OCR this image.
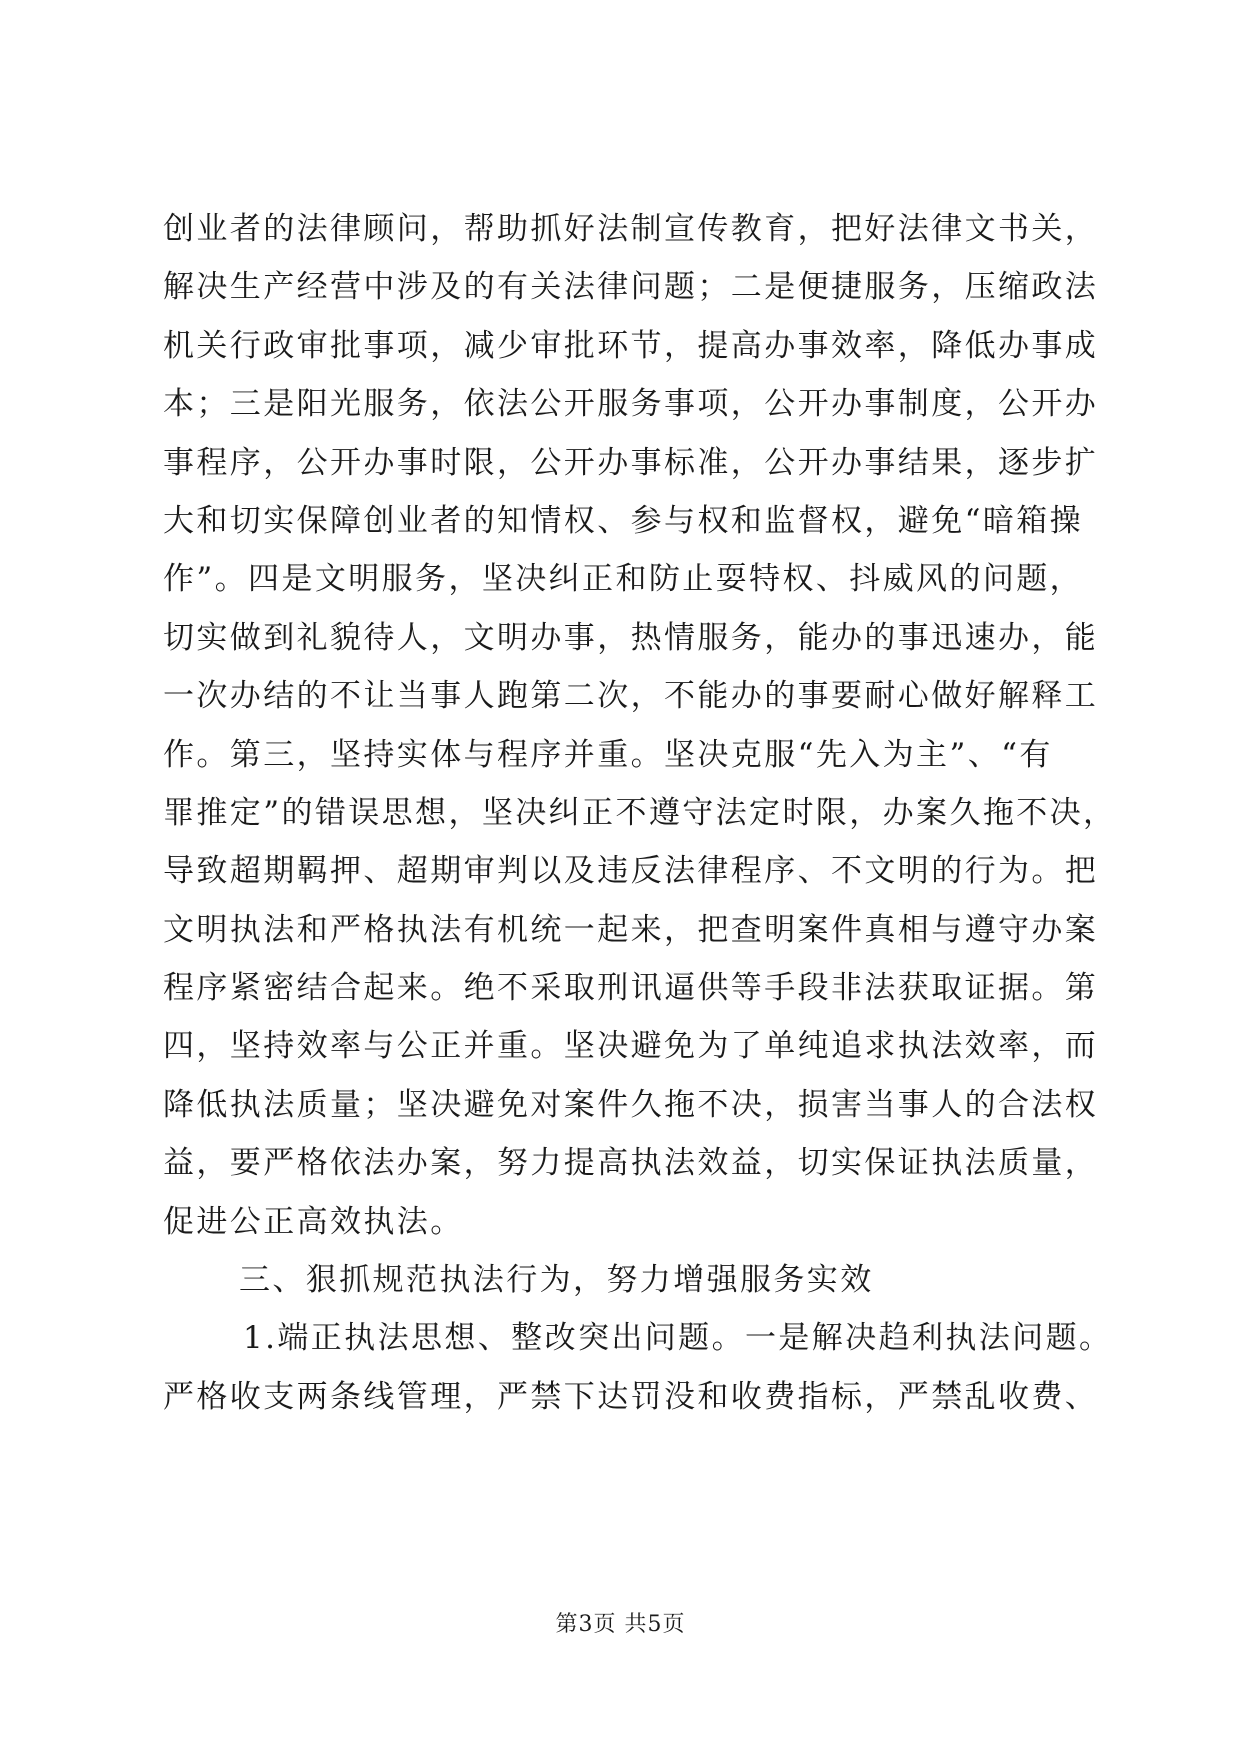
创业者的法律顾问，帮助抓好法制宣传教育，把好法律文书关，
解决生产经营中涉及的有关法律问题；二是便捷服务，压缩政法
机关行政审批事项，减少审批环节，提高办事效率，降低办事成
本；三是阳光服务，依法公开服务事项，公开办事制度，公开办
事程序，公开办事时限，公开办事标准，公开办事结果，逐步扩
大和切实保障创业者的知情权、参与权和监督权，避免“暗箱操
作”。四是文明服务，坚决纠正和防止耍特权、抖威风的问题，
切实做到礼貌待人，文明办事，热情服务，能办的事迅速办，能
一次办结的不让当事人跑第二次，不能办的事要耐心做好解释工
作。第三，坚持实体与程序并重。坚决克服“先入为主”、“有
罪推定”的错误思想，坚决纠正不遵守法定时限，办案久拖不决，
导致超期羁押、超期审判以及违反法律程序、不文明的行为。把
文明执法和严格执法有机统一起来，把查明案件真相与遵守办案
程序紧密结合起来。绝不采取刑讯逼供等手段非法获取证据。第
四，坚持效率与公正并重。坚决避免为了单纯追求执法效率，而
降低执法质量；坚决避免对案件久拖不决，损害当事人的合法权
益，要严格依法办案，努力提高执法效益，切实保证执法质量，
促进公正高效执法。
三、狠抓规范执法行为，努力增强服务实效
1.端正执法思想、整改突出问题。一是解决趋利执法问题。
严格收支两条线管理，严禁下达罚没和收费指标，严禁乱收费、
第3页 共5页
